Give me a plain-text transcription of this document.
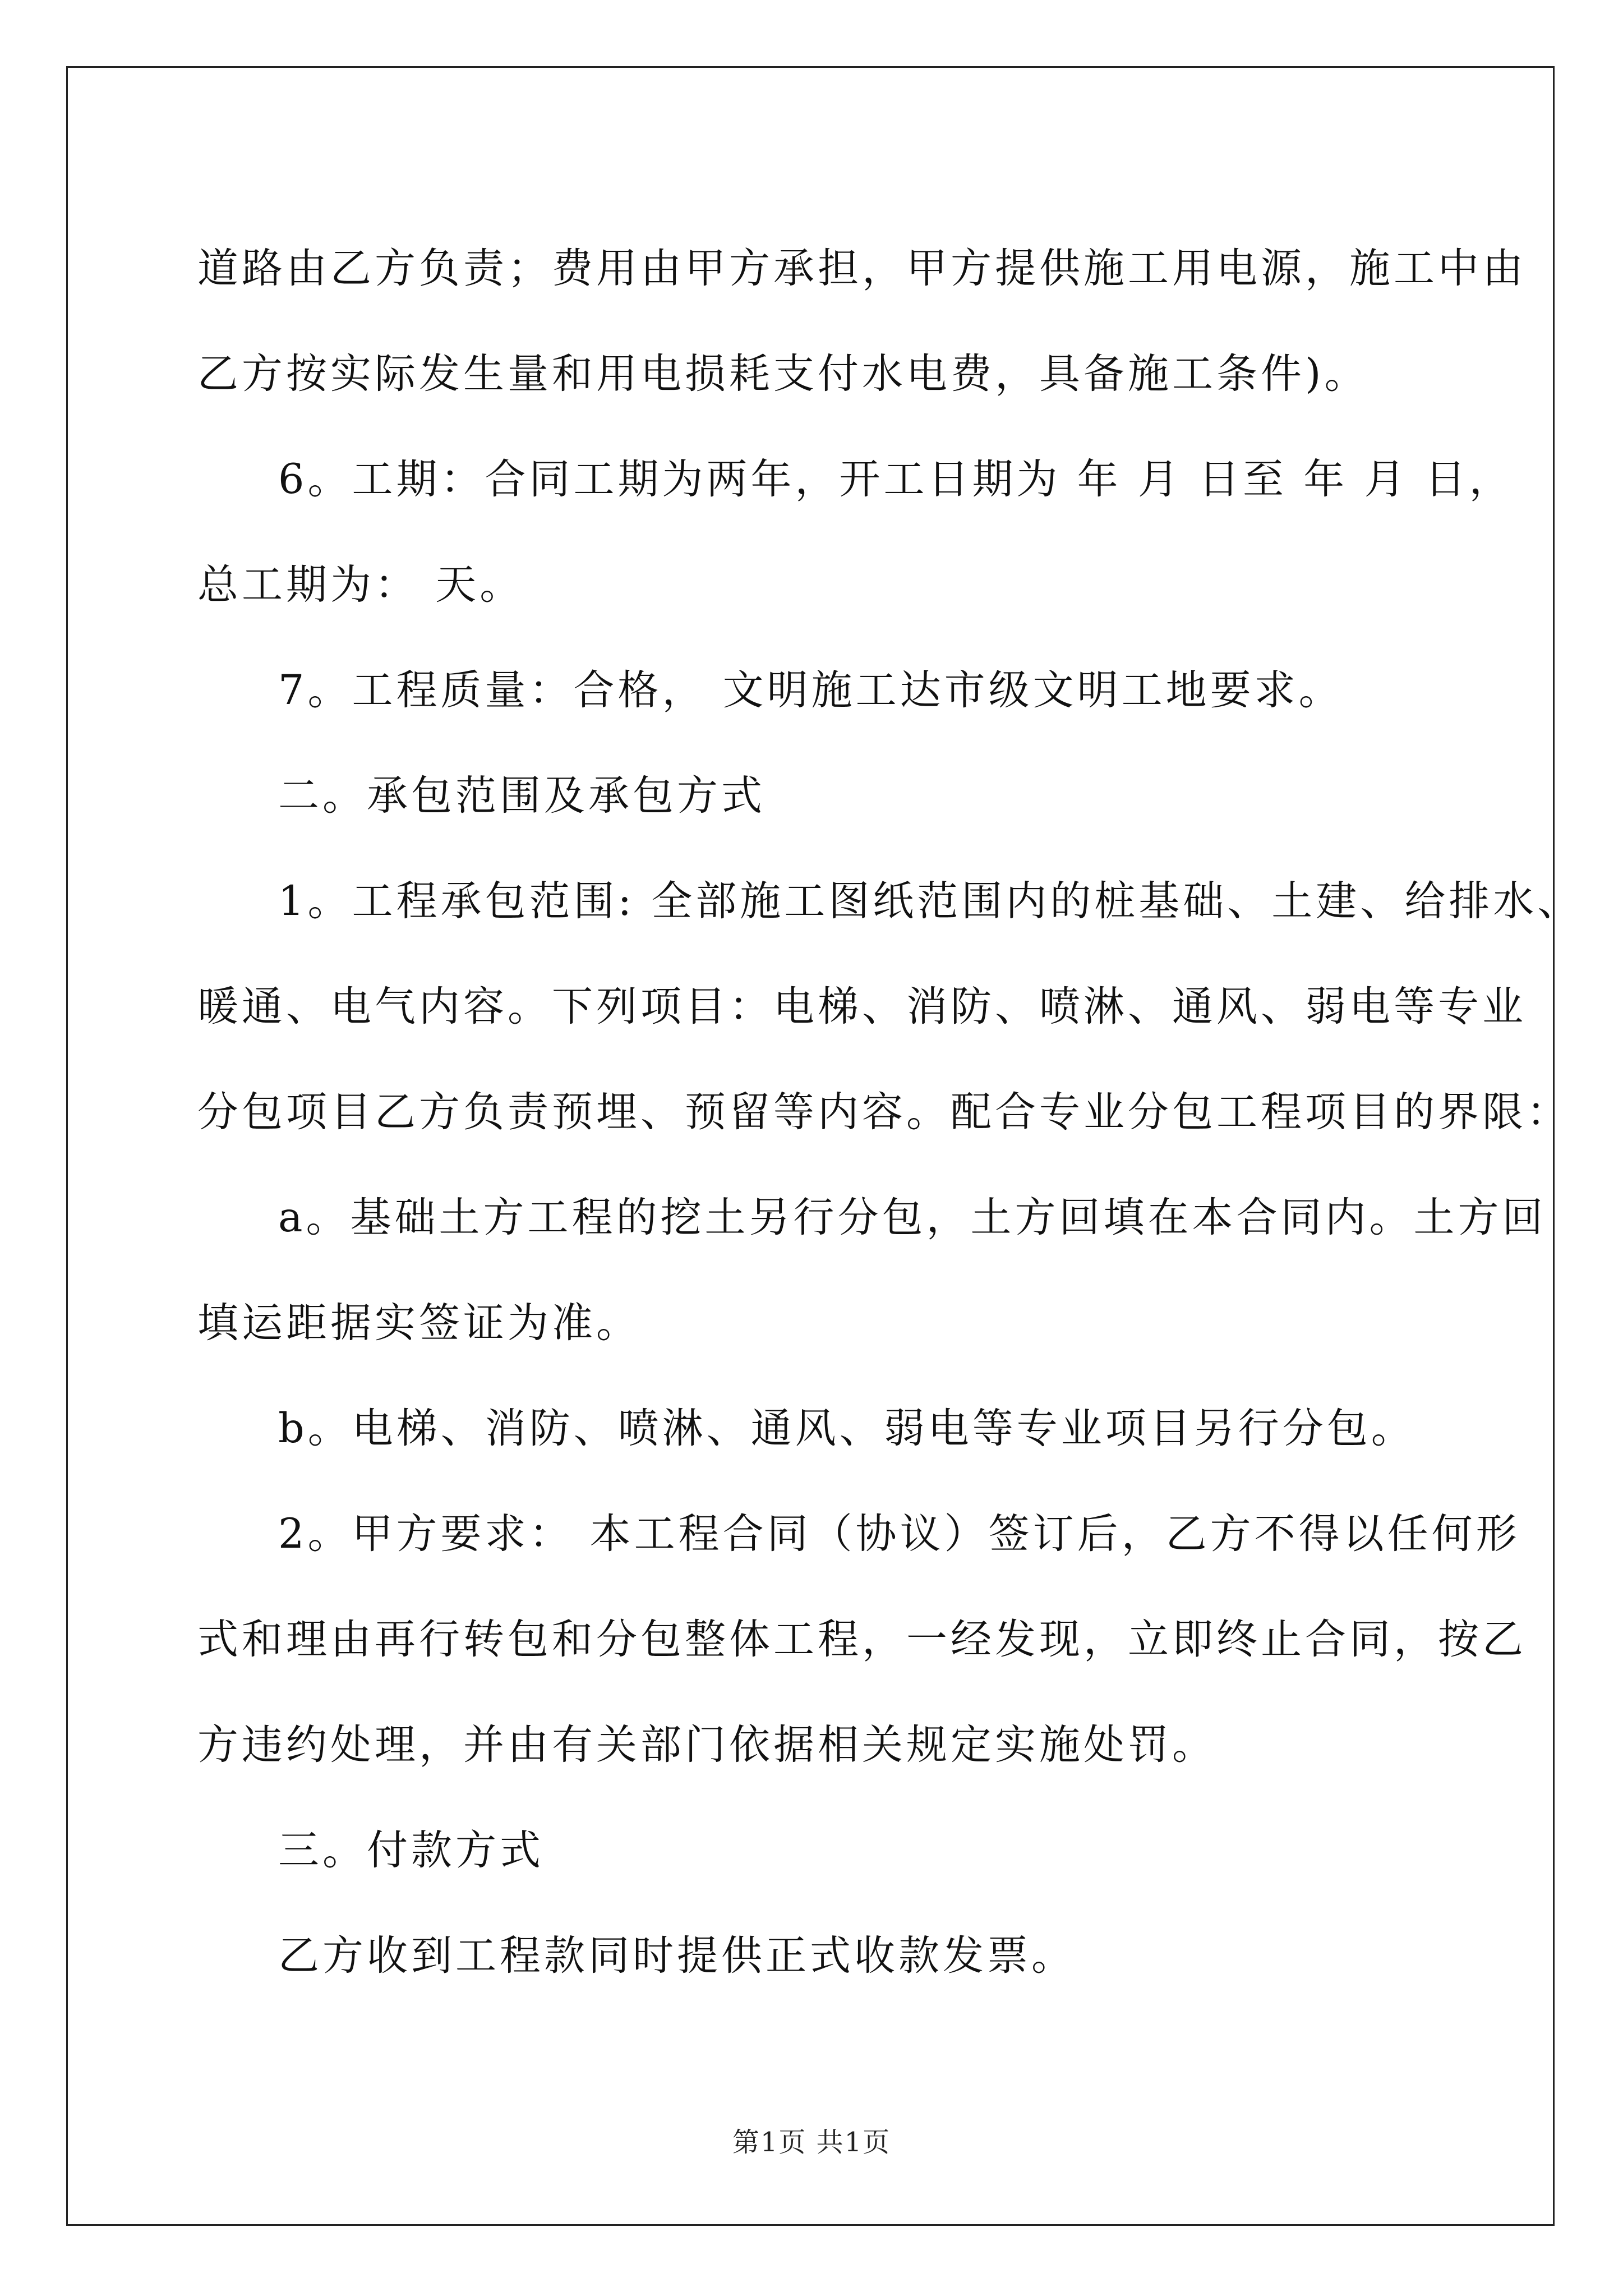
道路由乙方负责；费用由甲方承担，甲方提供施工用电源，施工中由

乙方按实际发生量和用电损耗支付水电费，具备施工条件)。

6。工期：合同工期为两年，开工日期为 年 月 日至 年 月 日，

总工期为： 天。

7。工程质量：合格， 文明施工达市级文明工地要求。

二。承包范围及承包方式

1。工程承包范围: 全部施工图纸范围内的桩基础、土建、给排水、

暖通、电气内容。下列项目：电梯、消防、喷淋、通风、弱电等专业

分包项目乙方负责预埋、预留等内容。配合专业分包工程项目的界限：

a。基础土方工程的挖土另行分包，土方回填在本合同内。土方回

填运距据实签证为准。

b。电梯、消防、喷淋、通风、弱电等专业项目另行分包。

2。甲方要求： 本工程合同（协议）签订后，乙方不得以任何形

式和理由再行转包和分包整体工程，一经发现，立即终止合同，按乙

方违约处理，并由有关部门依据相关规定实施处罚。

三。付款方式

乙方收到工程款同时提供正式收款发票。

第1页 共1页
